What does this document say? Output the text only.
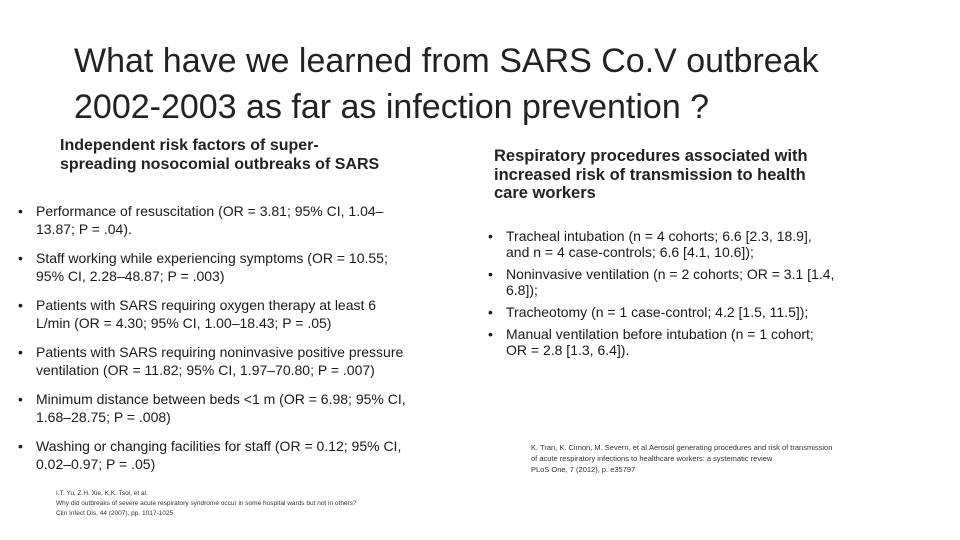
What have we learned from SARS Co.V outbreak
2002-2003 as far as infection prevention ?
Independent risk factors of super-
spreading nosocomial outbreaks of SARS
• Performance of resuscitation (OR = 3.81; 95% CI, 1.04–
13.87; P = .04).
• Staff working while experiencing symptoms (OR = 10.55;
95% CI, 2.28–48.87; P = .003)
• Patients with SARS requiring oxygen therapy at least 6
L/min (OR = 4.30; 95% CI, 1.00–18.43; P = .05)
• Patients with SARS requiring noninvasive positive pressure
ventilation (OR = 11.82; 95% CI, 1.97–70.80; P = .007)
• Minimum distance between beds <1 m (OR = 6.98; 95% CI,
1.68–28.75; P = .008)
• Washing or changing facilities for staff (OR = 0.12; 95% CI,
0.02–0.97; P = .05)
I.T. Yu, Z.H. Xie, K.K. Tsoi, et al.
Why did outbreaks of severe acute respiratory syndrome occur in some hospital wards but not in others?
Clin Infect Dis, 44 (2007), pp. 1017-1025
Respiratory procedures associated with
increased risk of transmission to health
care workers
• Tracheal intubation (n = 4 cohorts; 6.6 [2.3, 18.9],
and n = 4 case-controls; 6.6 [4.1, 10.6]);
• Noninvasive ventilation (n = 2 cohorts; OR = 3.1 [1.4,
6.8]);
• Tracheotomy (n = 1 case-control; 4.2 [1.5, 11.5]);
• Manual ventilation before intubation (n = 1 cohort;
OR = 2.8 [1.3, 6.4]).
K. Tran, K. Cimon, M. Severn, et al.Aerosol generating procedures and risk of transmission
of acute respiratory infections to healthcare workers: a systematic review
PLoS One, 7 (2012), p. e35797
